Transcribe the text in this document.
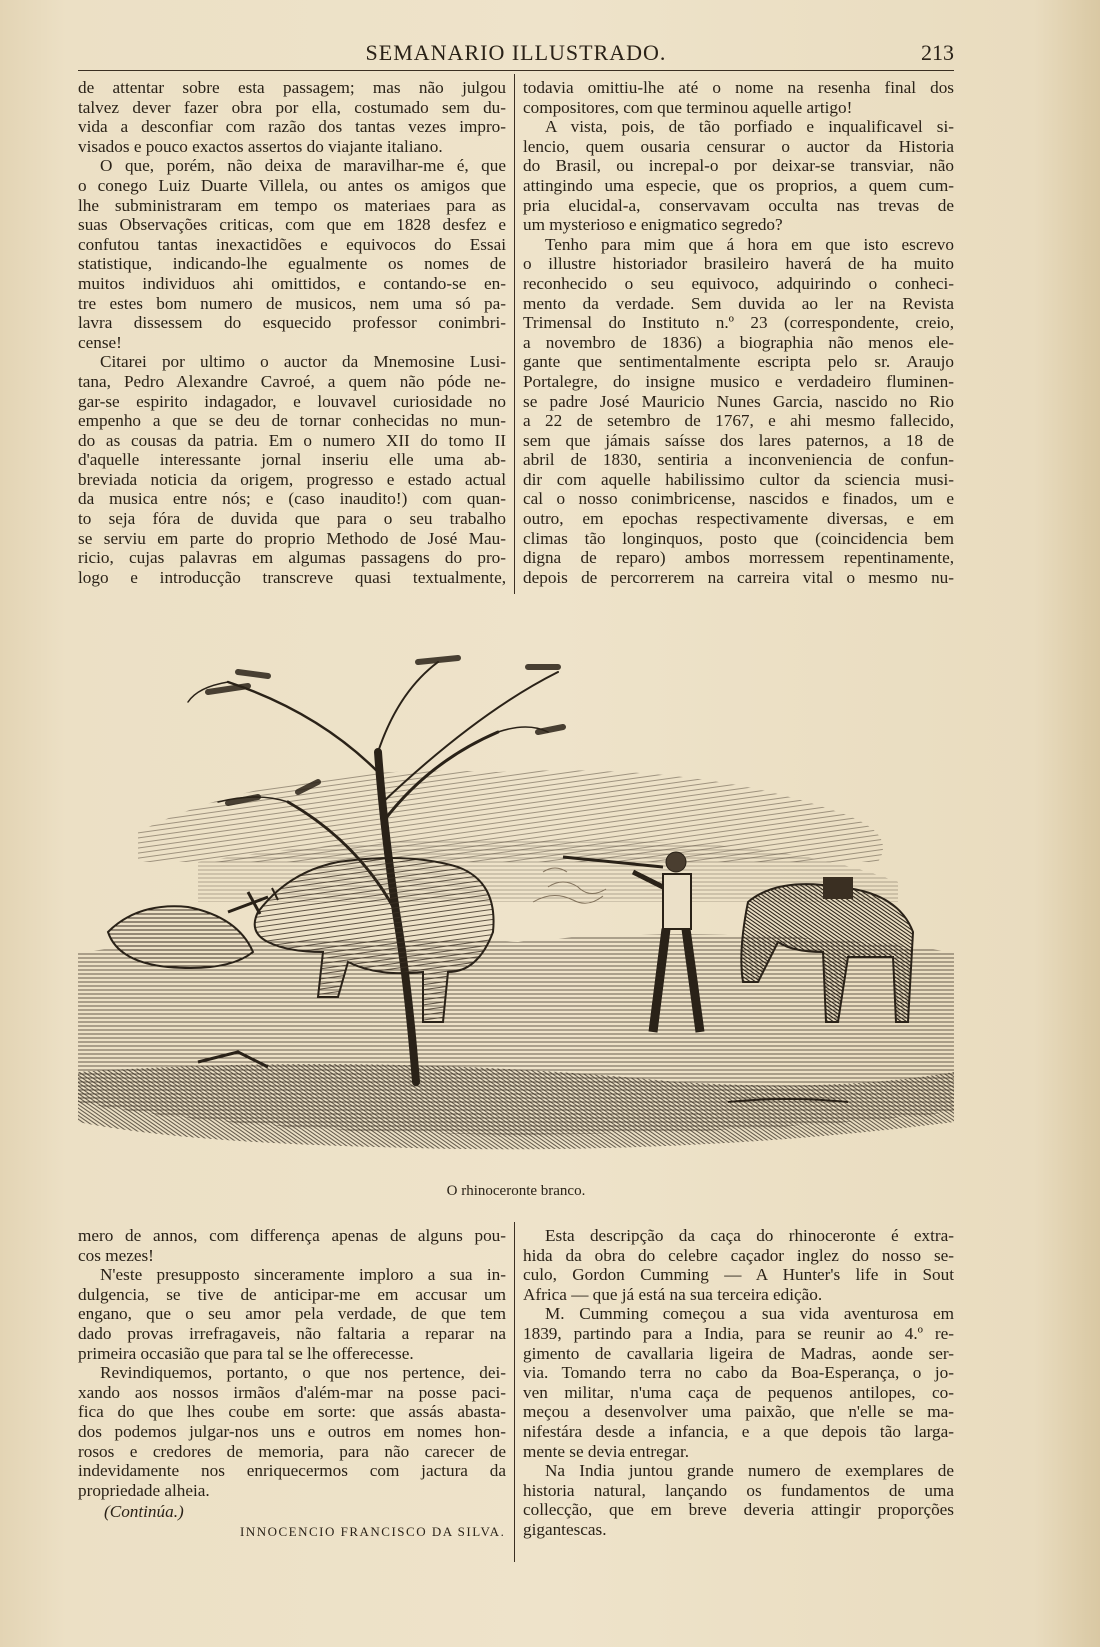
SEMANARIO ILLUSTRADO.	213
de attentar sobre esta passagem; mas não julgou
talvez dever fazer obra por ella, costumado sem du-
vida a desconfiar com razão dos tantas vezes impro-
visados e pouco exactos assertos do viajante italiano.
O que, porém, não deixa de maravilhar-me é, que
o conego Luiz Duarte Villela, ou antes os amigos que
lhe subministraram em tempo os materiaes para as
suas Observações criticas, com que em 1828 desfez e
confutou tantas inexactidões e equivocos do Essai
statistique, indicando-lhe egualmente os nomes de
muitos individuos ahi omittidos, e contando-se en-
tre estes bom numero de musicos, nem uma só pa-
lavra dissessem do esquecido professor conimbri-
cense!
Citarei por ultimo o auctor da Mnemosine Lusi-
tana, Pedro Alexandre Cavroé, a quem não póde ne-
gar-se espirito indagador, e louvavel curiosidade no
empenho a que se deu de tornar conhecidas no mun-
do as cousas da patria. Em o numero XII do tomo II
d'aquelle interessante jornal inseriu elle uma ab-
breviada noticia da origem, progresso e estado actual
da musica entre nós; e (caso inaudito!) com quan-
to seja fóra de duvida que para o seu trabalho
se serviu em parte do proprio Methodo de José Mau-
ricio, cujas palavras em algumas passagens do pro-
logo e introducção transcreve quasi textualmente,
todavia omittiu-lhe até o nome na resenha final dos
compositores, com que terminou aquelle artigo!
A vista, pois, de tão porfiado e inqualificavel si-
lencio, quem ousaria censurar o auctor da Historia
do Brasil, ou increpal-o por deixar-se transviar, não
attingindo uma especie, que os proprios, a quem cum-
pria elucidal-a, conservavam occulta nas trevas de
um mysterioso e enigmatico segredo?
Tenho para mim que á hora em que isto escrevo
o illustre historiador brasileiro haverá de ha muito
reconhecido o seu equivoco, adquirindo o conheci-
mento da verdade. Sem duvida ao ler na Revista
Trimensal do Instituto n.º 23 (correspondente, creio,
a novembro de 1836) a biographia não menos ele-
gante que sentimentalmente escripta pelo sr. Araujo
Portalegre, do insigne musico e verdadeiro fluminen-
se padre José Mauricio Nunes Garcia, nascido no Rio
a 22 de setembro de 1767, e ahi mesmo fallecido,
sem que jámais saísse dos lares paternos, a 18 de
abril de 1830, sentiria a inconveniencia de confun-
dir com aquelle habilissimo cultor da sciencia musi-
cal o nosso conimbricense, nascidos e finados, um e
outro, em epochas respectivamente diversas, e em
climas tão longinquos, posto que (coincidencia bem
digna de reparo) ambos morressem repentinamente,
depois de percorrerem na carreira vital o mesmo nu-
O rhinoceronte branco.
mero de annos, com differença apenas de alguns pou-
cos mezes!
N'este presupposto sinceramente imploro a sua in-
dulgencia, se tive de anticipar-me em accusar um
engano, que o seu amor pela verdade, de que tem
dado provas irrefragaveis, não faltaria a reparar na
primeira occasião que para tal se lhe offerecesse.
Revindiquemos, portanto, o que nos pertence, dei-
xando aos nossos irmãos d'além-mar na posse paci-
fica do que lhes coube em sorte: que assás abasta-
dos podemos julgar-nos uns e outros em nomes hon-
rosos e credores de memoria, para não carecer de
indevidamente nos enriquecermos com jactura da
propriedade alheia.
(Continúa.)
INNOCENCIO FRANCISCO DA SILVA.
Esta descripção da caça do rhinoceronte é extra-
hida da obra do celebre caçador inglez do nosso se-
culo, Gordon Cumming — A Hunter's life in Sout
Africa — que já está na sua terceira edição.
M. Cumming começou a sua vida aventurosa em
1839, partindo para a India, para se reunir ao 4.º re-
gimento de cavallaria ligeira de Madras, aonde ser-
via. Tomando terra no cabo da Boa-Esperança, o jo-
ven militar, n'uma caça de pequenos antilopes, co-
meçou a desenvolver uma paixão, que n'elle se ma-
nifestára desde a infancia, e a que depois tão larga-
mente se devia entregar.
Na India juntou grande numero de exemplares de
historia natural, lançando os fundamentos de uma
collecção, que em breve deveria attingir proporções
gigantescas.
